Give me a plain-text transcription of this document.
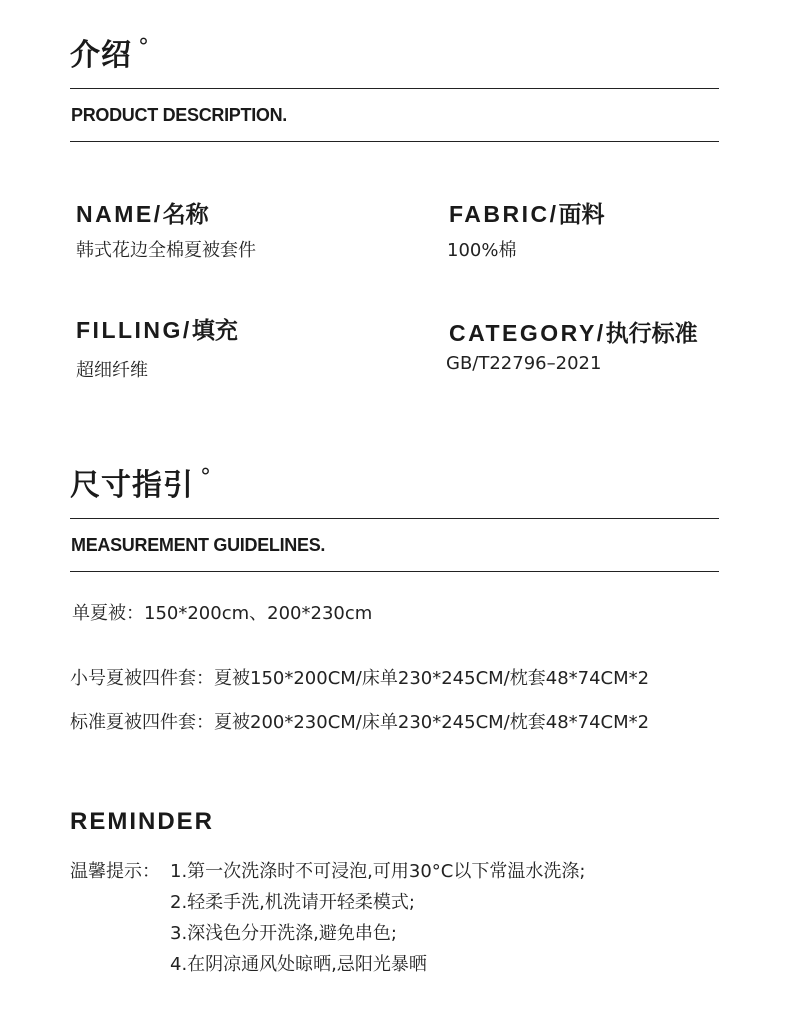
介绍 °
PRODUCT DESCRIPTION.
NAME/名称
韩式花边全棉夏被套件
FABRIC/面料
100%棉
FILLING/填充
超细纤维
CATEGORY/执行标准
GB/T22796–2021
尺寸指引 °
MEASUREMENT GUIDELINES.
单夏被：150*200cm、200*230cm
小号夏被四件套：夏被150*200CM/床单230*245CM/枕套48*74CM*2
标准夏被四件套：夏被200*230CM/床单230*245CM/枕套48*74CM*2
REMINDER
温馨提示： 1.第一次洗涤时不可浸泡,可用30°C以下常温水洗涤;
2.轻柔手洗,机洗请开轻柔模式;
3.深浅色分开洗涤,避免串色;
4.在阴凉通风处晾晒,忌阳光暴晒
